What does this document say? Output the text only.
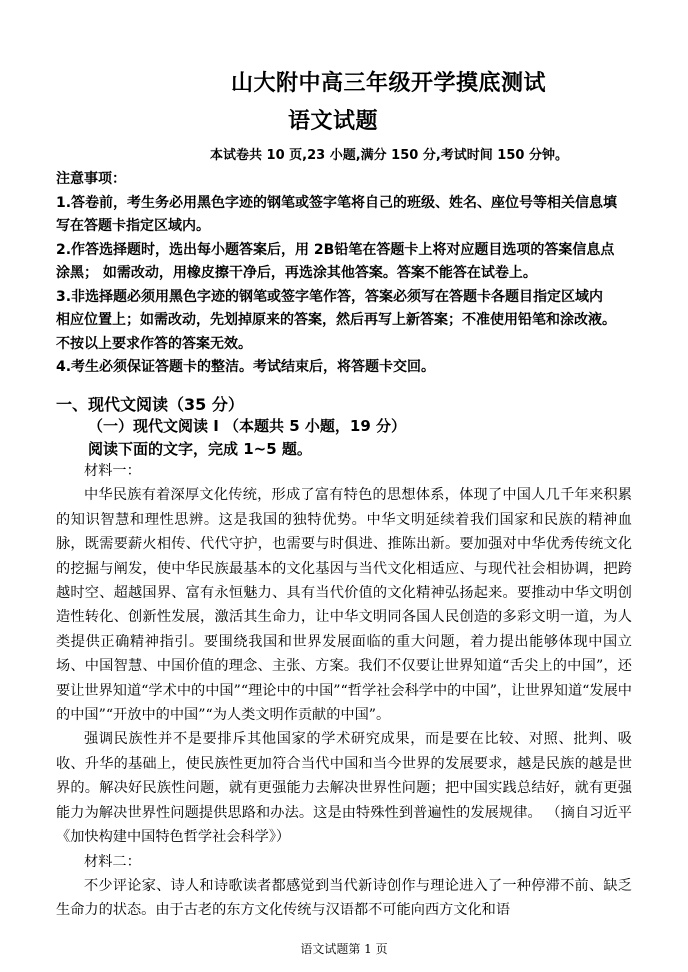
山大附中高三年级开学摸底测试
语文试题
本试卷共 10 页,23 小题,满分 150 分,考试时间 150 分钟。
注意事项：
1.答卷前，考生务必用黑色字迹的钢笔或签字笔将自己的班级、姓名、座位号等相关信息填
写在答题卡指定区域内。
2.作答选择题时，选出每小题答案后，用 2B铅笔在答题卡上将对应题目选项的答案信息点
涂黑； 如需改动，用橡皮擦干净后，再选涂其他答案。答案不能答在试卷上。
3.非选择题必须用黑色字迹的钢笔或签字笔作答，答案必须写在答题卡各题目指定区域内
相应位置上；如需改动，先划掉原来的答案，然后再写上新答案；不准使用铅笔和涂改液。
不按以上要求作答的答案无效。
4.考生必须保证答题卡的整洁。考试结束后，将答题卡交回。
一、现代文阅读（35 分）
（一）现代文阅读 I （本题共 5 小题，19 分）
阅读下面的文字，完成 1~5 题。

材料一：

中华民族有着深厚文化传统，形成了富有特色的思想体系，体现了中国人几千年来积累的知识智慧和理性思辨。这是我国的独特优势。中华文明延续着我们国家和民族的精神血脉，既需要薪火相传、代代守护，也需要与时俱进、推陈出新。要加强对中华优秀传统文化的挖掘与阐发，使中华民族最基本的文化基因与当代文化相适应、与现代社会相协调，把跨越时空、超越国界、富有永恒魅力、具有当代价值的文化精神弘扬起来。要推动中华文明创造性转化、创新性发展，激活其生命力，让中华文明同各国人民创造的多彩文明一道，为人类提供正确精神指引。要围绕我国和世界发展面临的重大问题，着力提出能够体现中国立场、中国智慧、中国价值的理念、主张、方案。我们不仅要让世界知道“舌尖上的中国”，还要让世界知道“学术中的中国”“理论中的中国”“哲学社会科学中的中国”，让世界知道“发展中的中国”“开放中的中国”“为人类文明作贡献的中国”。

强调民族性并不是要排斥其他国家的学术研究成果，而是要在比较、对照、批判、吸收、升华的基础上，使民族性更加符合当代中国和当今世界的发展要求，越是民族的越是世界的。解决好民族性问题，就有更强能力去解决世界性问题；把中国实践总结好，就有更强能力为解决世界性问题提供思路和办法。这是由特殊性到普遍性的发展规律。 （摘自习近平《加快构建中国特色哲学社会科学》）

材料二：

不少评论家、诗人和诗歌读者都感觉到当代新诗创作与理论进入了一种停滞不前、缺乏生命力的状态。由于古老的东方文化传统与汉语都不可能向西方文化和语

语文试题第 1 页
